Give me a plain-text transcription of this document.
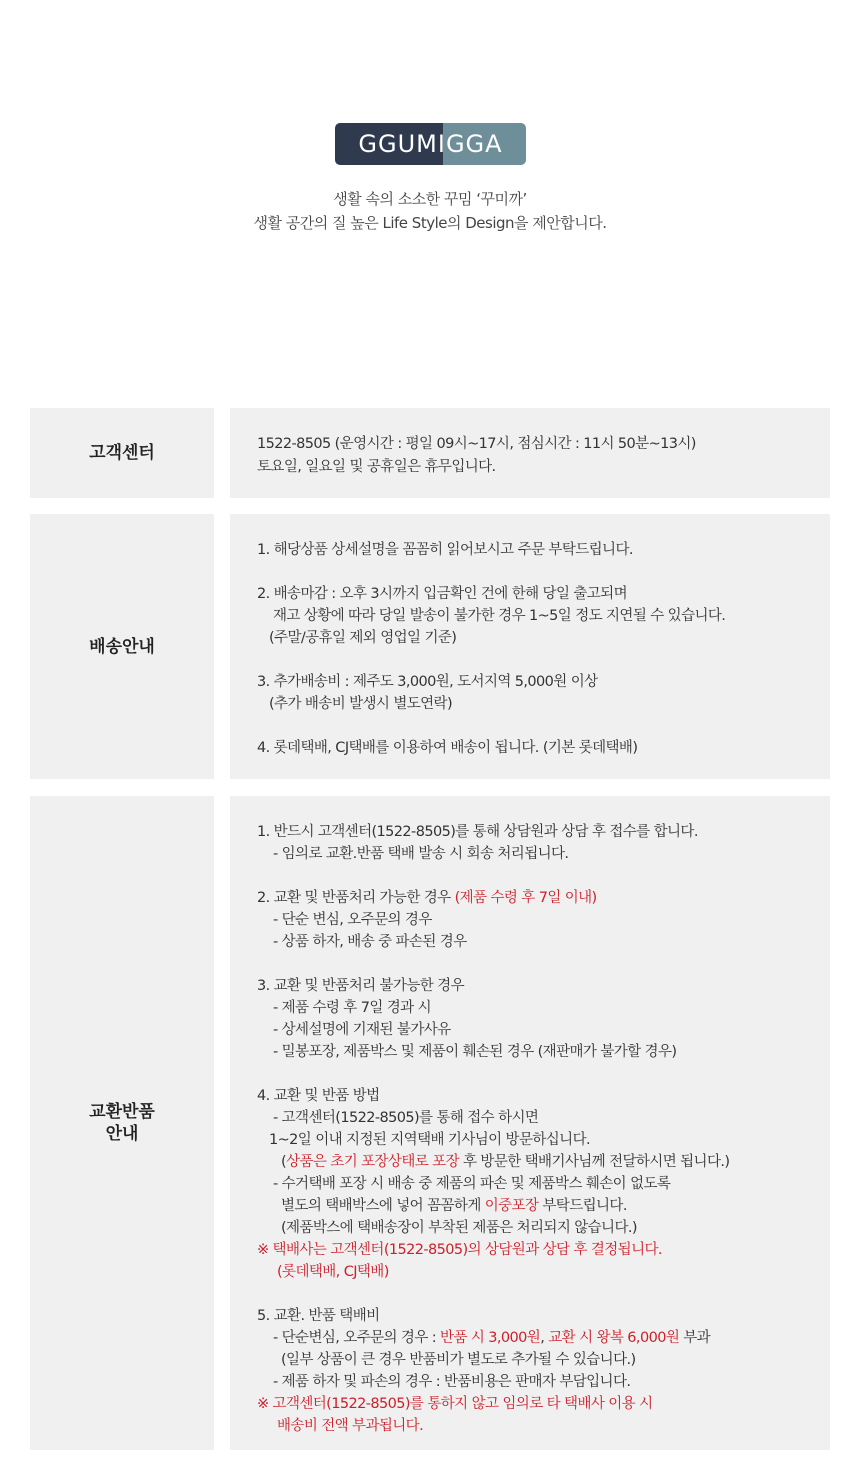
GGUMIGGA
생활 속의 소소한 꾸밈 ‘꾸미까’
생활 공간의 질 높은 Life Style의 Design을 제안합니다.
고객센터	1522-8505 (운영시간 : 평일 09시~17시, 점심시간 : 11시 50분~13시)
토요일, 일요일 및 공휴일은 휴무입니다.
배송안내
1. 해당상품 상세설명을 꼼꼼히 읽어보시고 주문 부탁드립니다.
2. 배송마감 : 오후 3시까지 입금확인 건에 한해 당일 출고되며
재고 상황에 따라 당일 발송이 불가한 경우 1~5일 정도 지연될 수 있습니다.
(주말/공휴일 제외 영업일 기준)
3. 추가배송비 : 제주도 3,000원, 도서지역 5,000원 이상
(추가 배송비 발생시 별도연락)
4. 롯데택배, CJ택배를 이용하여 배송이 됩니다. (기본 롯데택배)
교환반품
안내
1. 반드시 고객센터(1522-8505)를 통해 상담원과 상담 후 접수를 합니다.
- 임의로 교환.반품 택배 발송 시 회송 처리됩니다.
2. 교환 및 반품처리 가능한 경우 (제품 수령 후 7일 이내)
- 단순 변심, 오주문의 경우
- 상품 하자, 배송 중 파손된 경우
3. 교환 및 반품처리 불가능한 경우
- 제품 수령 후 7일 경과 시
- 상세설명에 기재된 불가사유
- 밀봉포장, 제품박스 및 제품이 훼손된 경우 (재판매가 불가할 경우)
4. 교환 및 반품 방법
- 고객센터(1522-8505)를 통해 접수 하시면
1~2일 이내 지정된 지역택배 기사님이 방문하십니다.
(상품은 초기 포장상태로 포장 후 방문한 택배기사님께 전달하시면 됩니다.)
- 수거택배 포장 시 배송 중 제품의 파손 및 제품박스 훼손이 없도록
별도의 택배박스에 넣어 꼼꼼하게 이중포장 부탁드립니다.
(제품박스에 택배송장이 부착된 제품은 처리되지 않습니다.)
※ 택배사는 고객센터(1522-8505)의 상담원과 상담 후 결정됩니다.
(롯데택배, CJ택배)
5. 교환. 반품 택배비
- 단순변심, 오주문의 경우 : 반품 시 3,000원, 교환 시 왕복 6,000원 부과
(일부 상품이 큰 경우 반품비가 별도로 추가될 수 있습니다.)
- 제품 하자 및 파손의 경우 : 반품비용은 판매자 부담입니다.
※ 고객센터(1522-8505)를 통하지 않고 임의로 타 택배사 이용 시
배송비 전액 부과됩니다.
